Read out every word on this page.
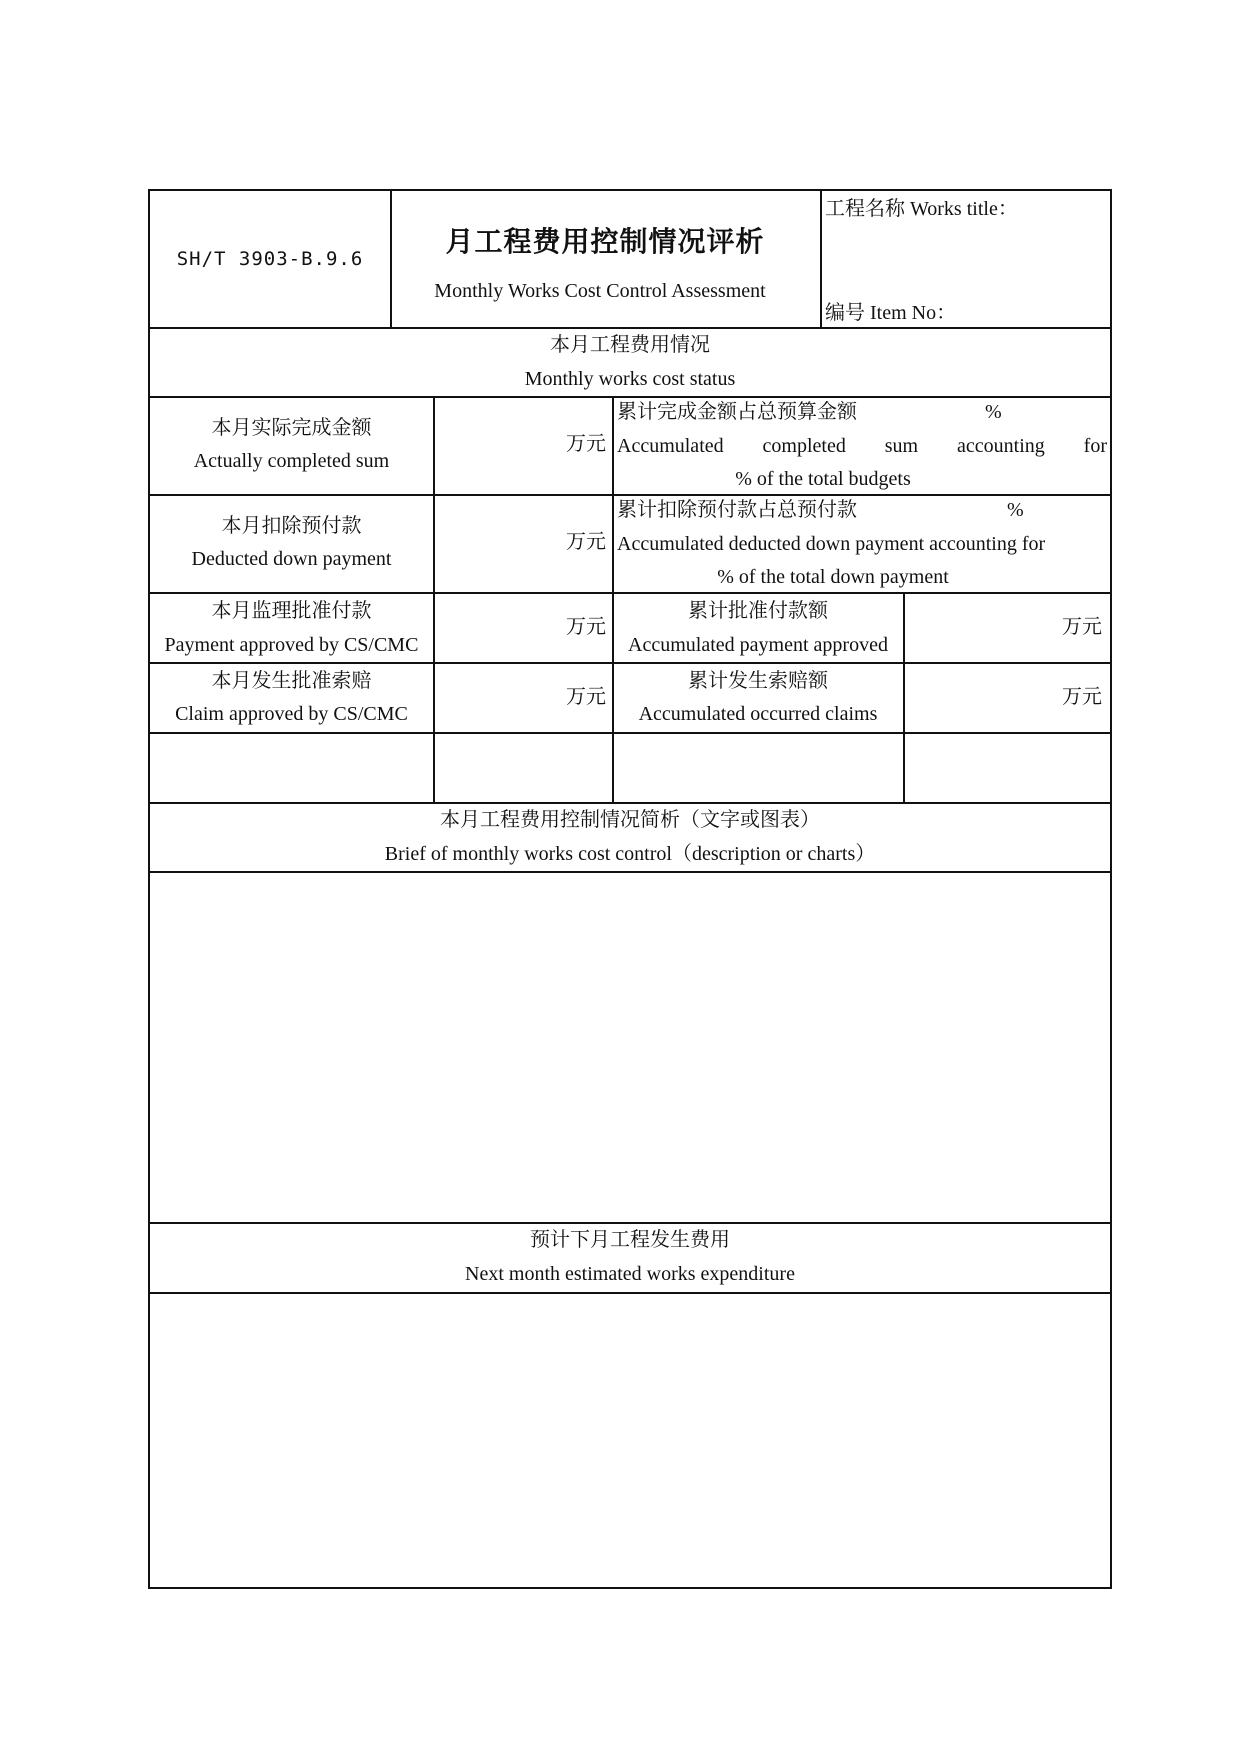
SH/T 3903-B.9.6
月工程费用控制情况评析
Monthly Works Cost Control Assessment
工程名称 Works title：
编号 Item No：
本月工程费用情况
Monthly works cost status
本月实际完成金额
Actually completed sum
万元
累计完成金额占总预算金额	%
Accumulated completed sum accounting for
% of the total budgets
本月扣除预付款
Deducted down payment
万元
累计扣除预付款占总预付款	%
Accumulated deducted down payment accounting for
% of the total down payment
本月监理批准付款
Payment approved by CS/CMC
万元
累计批准付款额
Accumulated payment approved
万元
本月发生批准索赔
Claim approved by CS/CMC
万元
累计发生索赔额
Accumulated occurred claims
万元
本月工程费用控制情况简析（文字或图表）
Brief of monthly works cost control（description or charts）
预计下月工程发生费用
Next month estimated works expenditure
